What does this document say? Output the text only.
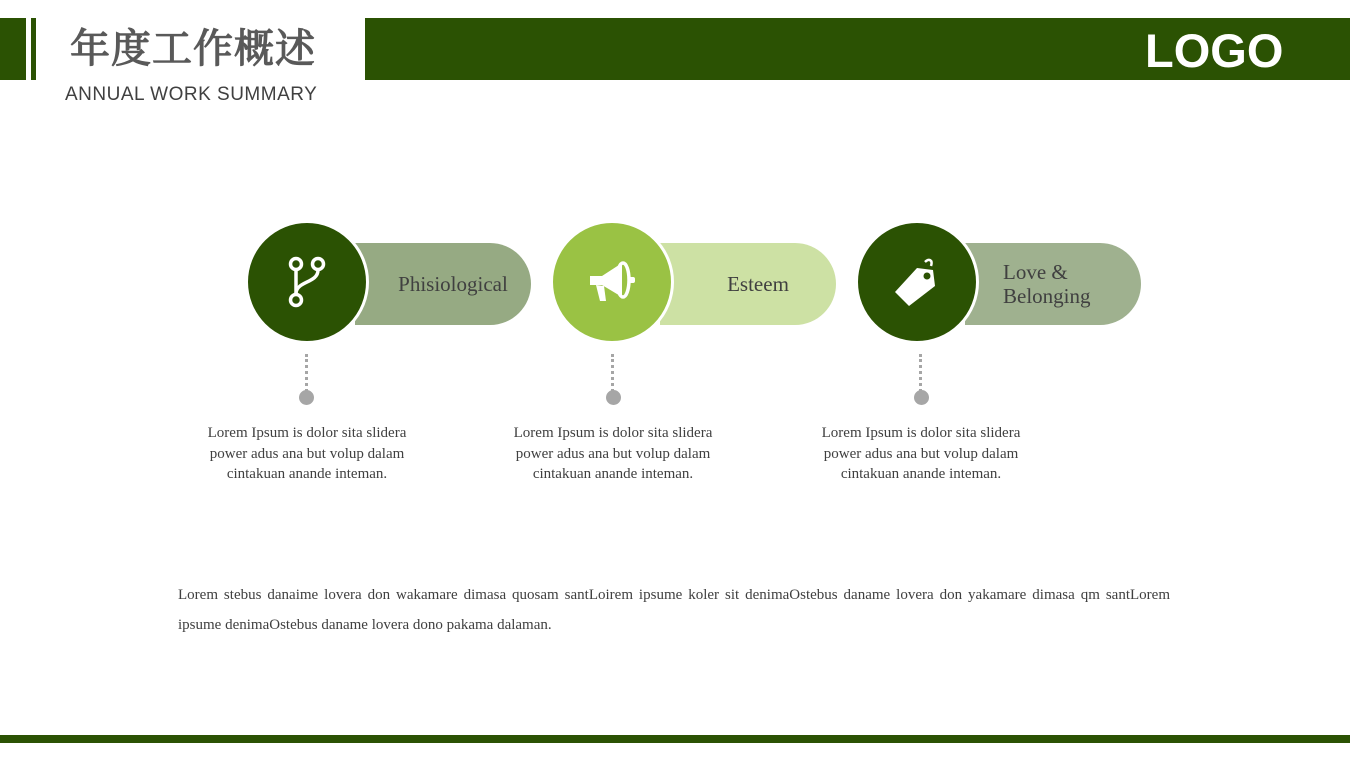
年度工作概述
ANNUAL WORK SUMMARY
LOGO
Phisiological	Esteem	Love &
Belonging
Lorem Ipsum is dolor sita slidera power adus ana but volup dalam cintakuan anande inteman.
Lorem Ipsum is dolor sita slidera power adus ana but volup dalam cintakuan anande inteman.
Lorem Ipsum is dolor sita slidera power adus ana but volup dalam cintakuan anande inteman.
Lorem stebus danaime lovera don wakamare dimasa quosam santLoirem ipsume koler sit denimaOstebus daname lovera don yakamare dimasa qm santLorem ipsume denimaOstebus daname lovera dono pakama dalaman.
